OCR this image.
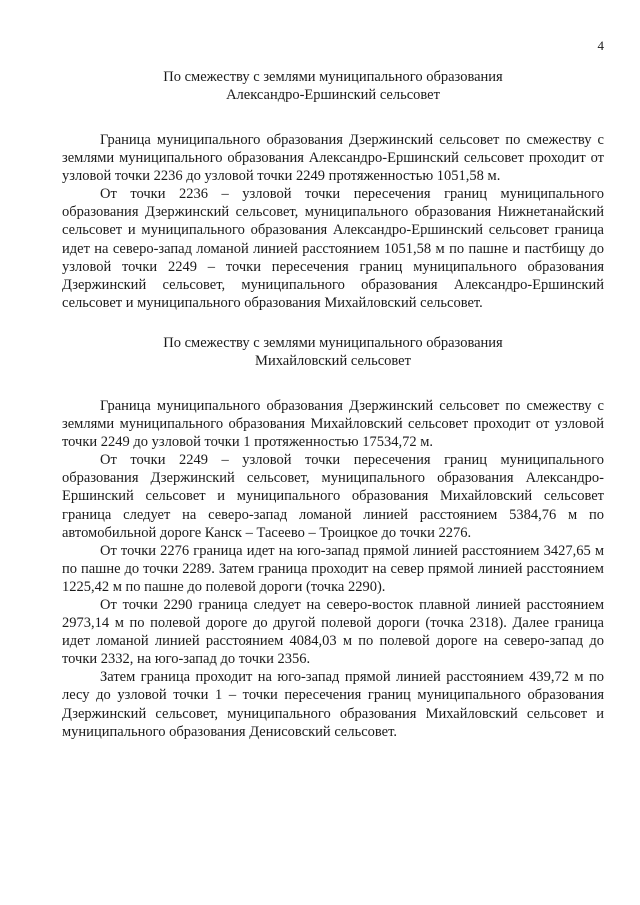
4
По смежеству с землями муниципального образования
Александро-Ершинский сельсовет

Граница муниципального образования Дзержинский сельсовет по смежеству с землями муниципального образования Александро-Ершинский сельсовет проходит от узловой точки 2236 до узловой точки 2249 протяженностью 1051,58 м.

От точки 2236 – узловой точки пересечения границ муниципального образования Дзержинский сельсовет, муниципального образования Нижнетанайский сельсовет и муниципального образования Александро-Ершинский сельсовет граница идет на северо-запад ломаной линией расстоянием 1051,58 м по пашне и пастбищу до узловой точки 2249 – точки пересечения границ муниципального образования Дзержинский сельсовет, муниципального образования Александро-Ершинский сельсовет и муниципального образования Михайловский сельсовет.

По смежеству с землями муниципального образования
Михайловский сельсовет

Граница муниципального образования Дзержинский сельсовет по смежеству с землями муниципального образования Михайловский сельсовет проходит от узловой точки 2249 до узловой точки 1 протяженностью 17534,72 м.

От точки 2249 – узловой точки пересечения границ муниципального образования Дзержинский сельсовет, муниципального образования Александро-Ершинский сельсовет и муниципального образования Михайловский сельсовет граница следует на северо-запад ломаной линией расстоянием 5384,76 м по автомобильной дороге Канск – Тасеево – Троицкое до точки 2276.

От точки 2276 граница идет на юго-запад прямой линией расстоянием 3427,65 м по пашне до точки 2289. Затем граница проходит на север прямой линией расстоянием 1225,42 м по пашне до полевой дороги (точка 2290).

От точки 2290 граница следует на северо-восток плавной линией расстоянием 2973,14 м по полевой дороге до другой полевой дороги (точка 2318). Далее граница идет ломаной линией расстоянием 4084,03 м по полевой дороге на северо-запад до точки 2332, на юго-запад до точки 2356.

Затем граница проходит на юго-запад прямой линией расстоянием 439,72 м по лесу до узловой точки 1 – точки пересечения границ муниципального образования Дзержинский сельсовет, муниципального образования Михайловский сельсовет и муниципального образования Денисовский сельсовет.
